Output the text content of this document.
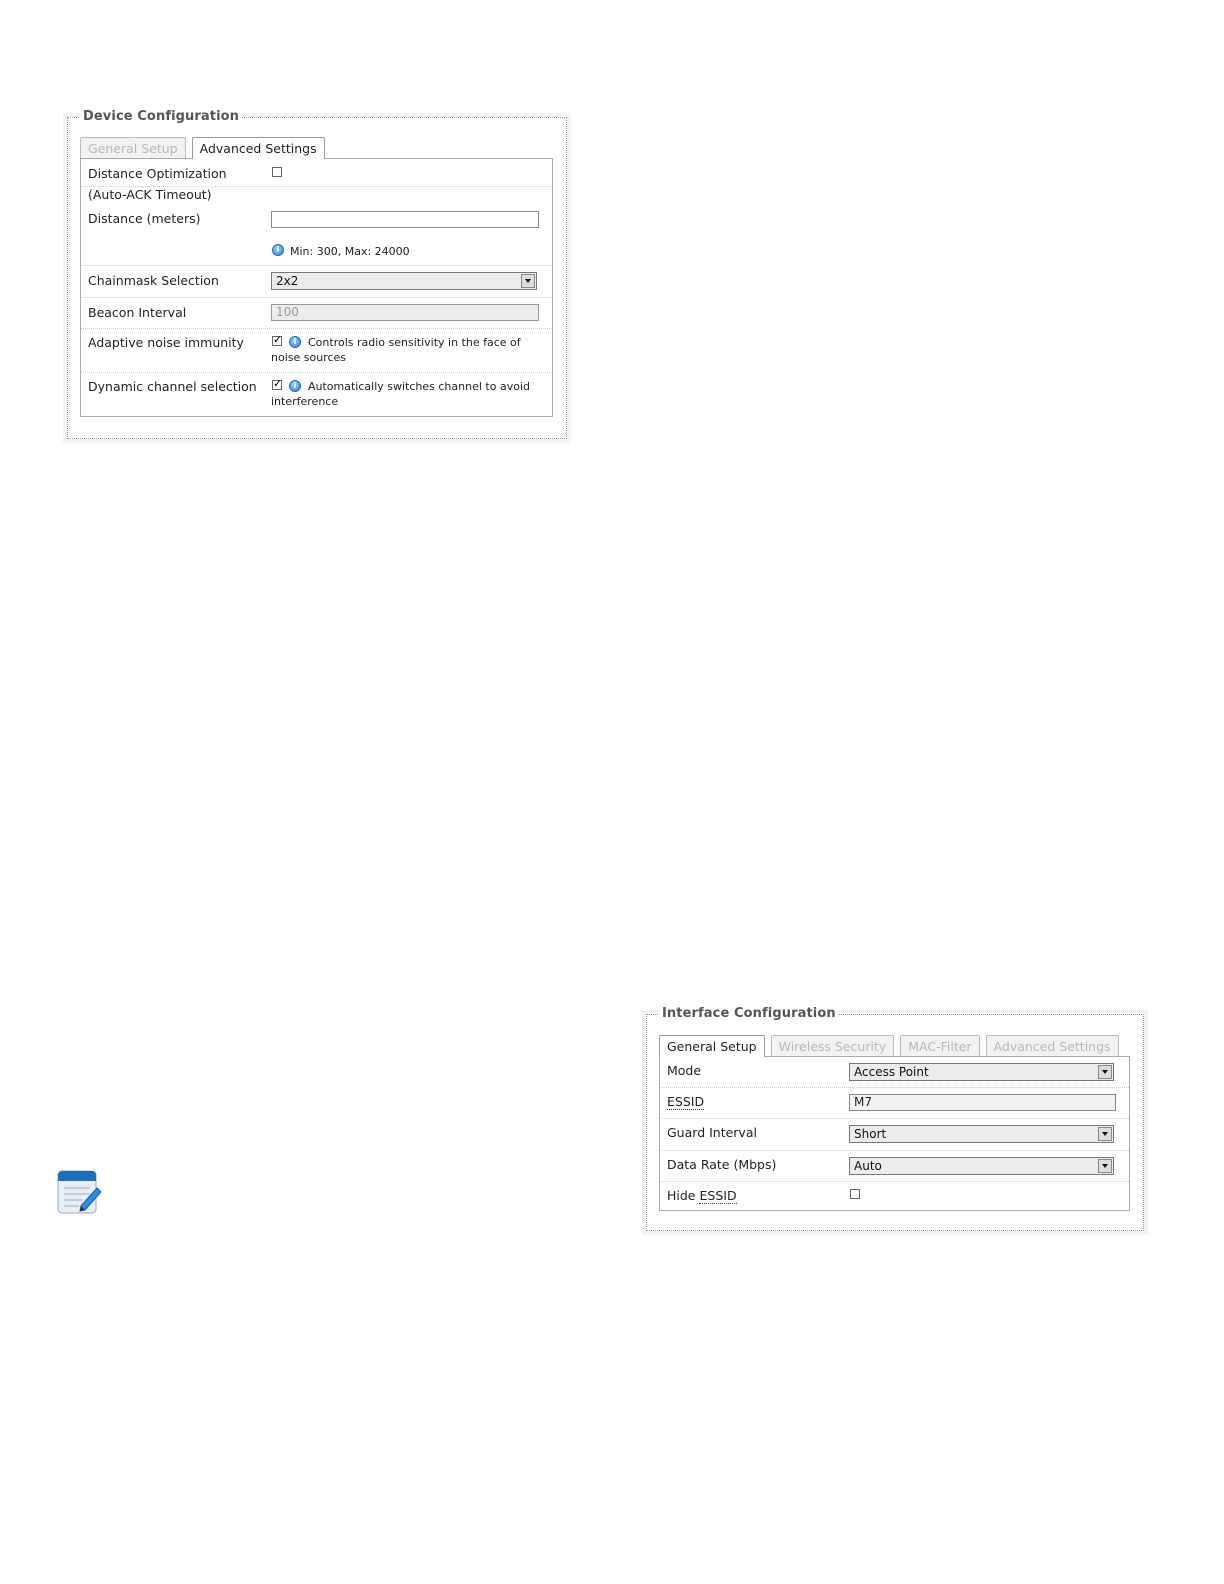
Device Configuration
General Setup	Advanced Settings
Distance Optimization
(Auto-ACK Timeout)
Distance (meters)
i Min: 300, Max: 24000
Chainmask Selection	2x2
Beacon Interval	100
Adaptive noise immunity ✓	i	Controls radio sensitivity in the face of
noise sources
Dynamic channel selection ✓	i	Automatically switches channel to avoid
interference
Interface Configuration
General Setup	Wireless Security	MAC-Filter	Advanced Settings
Mode	Access Point
ESSID	M7
Guard Interval	Short
Data Rate (Mbps)	Auto
Hide ESSID
